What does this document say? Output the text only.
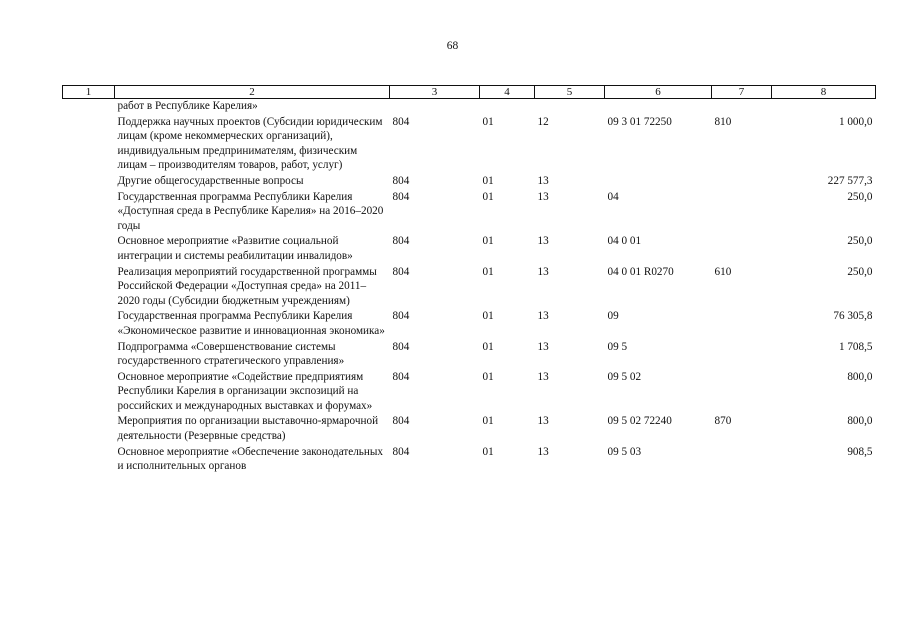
68
1	2	3	4	5	6	7	8
	работ в Республике Карелия»						
	Поддержка научных проектов (Субсидии юридическим лицам (кроме некоммерческих организаций), индивидуальным предпринимателям, физическим лицам – производителям товаров, работ, услуг)	804	01	12	09 3 01 72250	810	1 000,0
	Другие общегосударственные вопросы	804	01	13			227 577,3
	Государственная программа Республики Карелия «Доступная среда в Республике Карелия» на 2016–2020 годы	804	01	13	04		250,0
	Основное мероприятие «Развитие социальной интеграции и системы реабилитации инвалидов»	804	01	13	04 0 01		250,0
	Реализация мероприятий государственной программы Российской Федерации «Доступная среда» на 2011–2020 годы (Субсидии бюджетным учреждениям)	804	01	13	04 0 01 R0270	610	250,0
	Государственная программа Республики Карелия «Экономическое развитие и инновационная экономика»	804	01	13	09		76 305,8
	Подпрограмма «Совершенствование системы государственного стратегического управления»	804	01	13	09 5		1 708,5
	Основное мероприятие «Содействие предприятиям Республики Карелия в организации экспозиций на российских и международных выставках и форумах»	804	01	13	09 5 02		800,0
	Мероприятия по организации выставочно-ярмарочной деятельности (Резервные средства)	804	01	13	09 5 02 72240	870	800,0
	Основное мероприятие «Обеспечение законодательных и исполнительных органов	804	01	13	09 5 03		908,5
